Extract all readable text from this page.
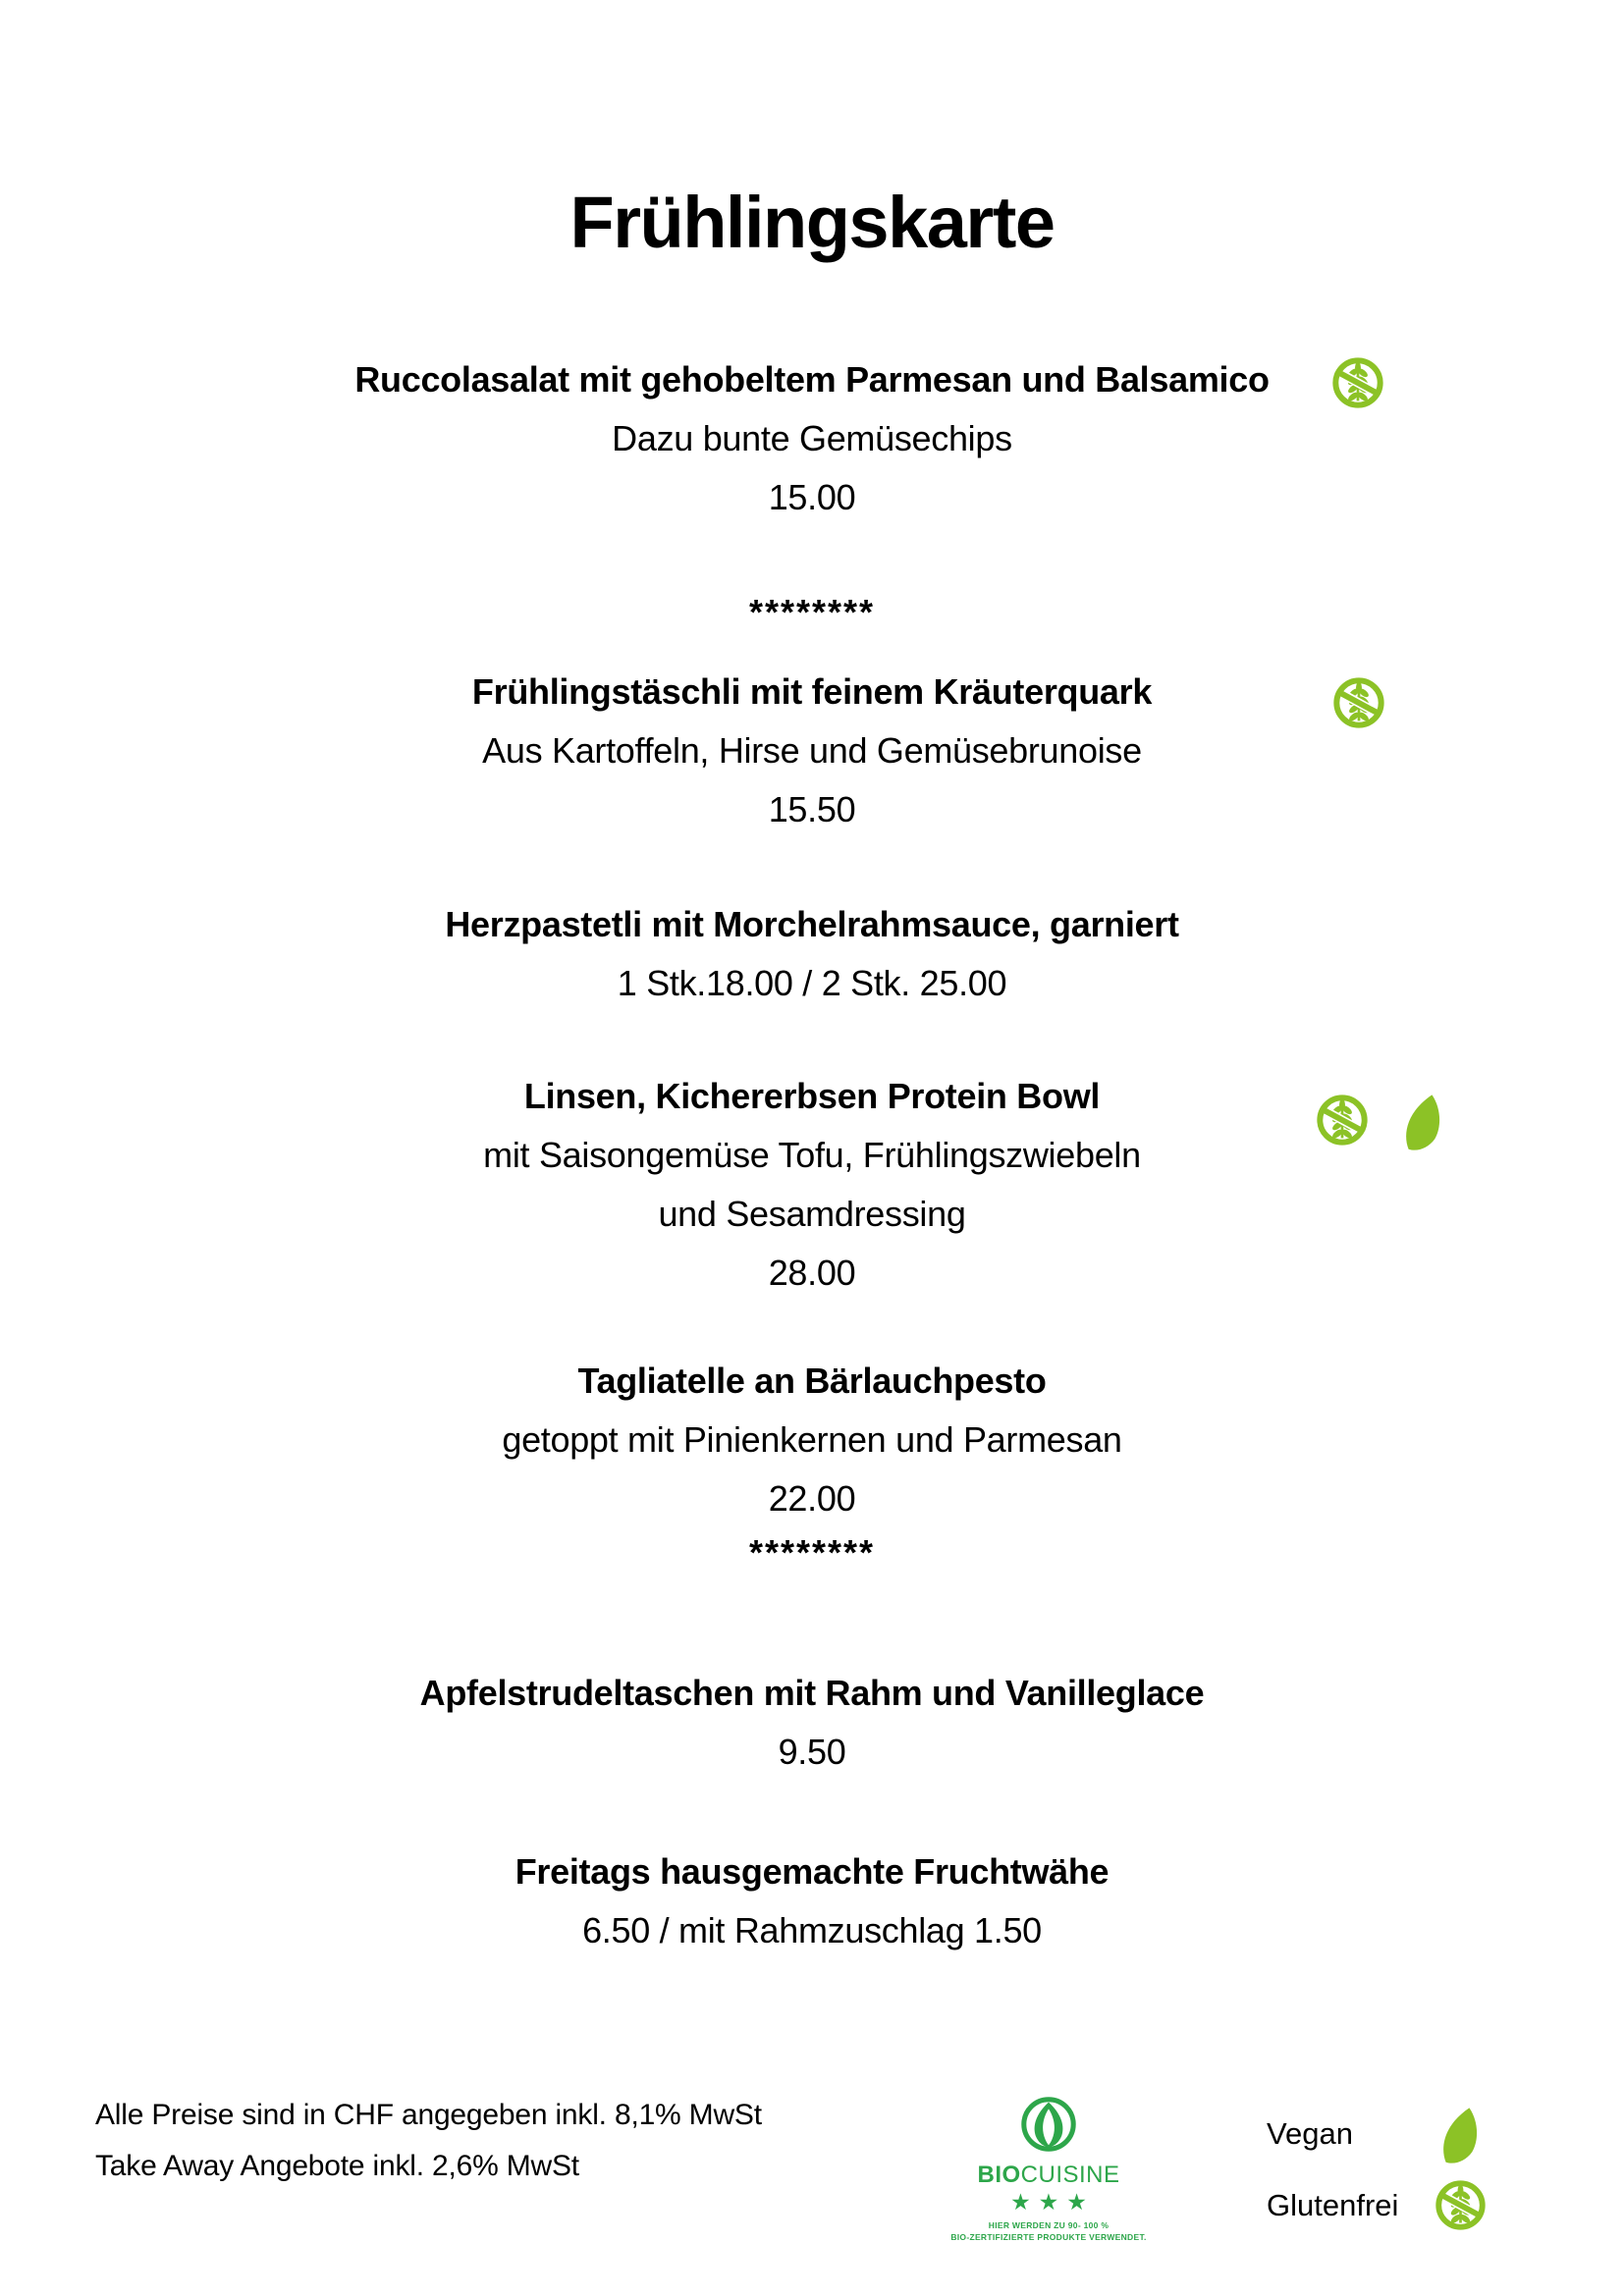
Frühlingskarte
Ruccolasalat mit gehobeltem Parmesan und Balsamico
Dazu bunte Gemüsechips
15.00
********
Frühlingstäschli mit feinem Kräuterquark
Aus Kartoffeln, Hirse und Gemüsebrunoise
15.50
Herzpastetli mit Morchelrahmsauce, garniert
1 Stk.18.00 / 2 Stk. 25.00
Linsen, Kichererbsen Protein Bowl
mit Saisongemüse Tofu, Frühlingszwiebeln
und Sesamdressing
28.00
Tagliatelle an Bärlauchpesto
getoppt mit Pinienkernen und Parmesan
22.00
********
Apfelstrudeltaschen mit Rahm und Vanilleglace
9.50
Freitags hausgemachte Fruchtwähe
6.50 / mit Rahmzuschlag 1.50
Alle Preise sind in CHF angegeben inkl. 8,1% MwSt
Take Away Angebote inkl. 2,6% MwSt	BIOCUISINE
★★★
HIER WERDEN ZU 90- 100 %
BIO-ZERTIFIZIERTE PRODUKTE VERWENDET.
Vegan
Glutenfrei
